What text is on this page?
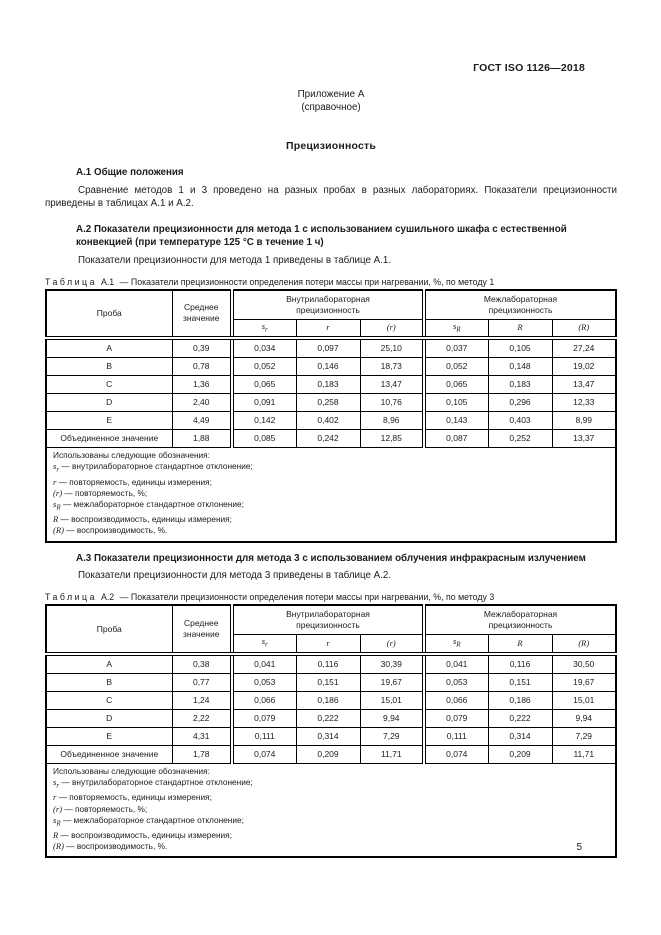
ГОСТ ISO 1126—2018
Приложение А
(справочное)
Прецизионность
А.1 Общие положения

Сравнение методов 1 и 3 проведено на разных пробах в разных лабораториях. Показатели прецизионности приведены в таблицах А.1 и А.2.

А.2 Показатели прецизионности для метода 1 с использованием сушильного шкафа с естественной конвекцией (при температуре 125 °С в течение 1 ч)

Показатели прецизионности для метода 1 приведены в таблице А.1.

Таблица А.1 — Показатели прецизионности определения потери массы при нагревании, %, по методу 1
Проба	Среднее значение	Внутрилабораторная прецизионность			Межлабораторная прецизионность		
		$s_r$	r	(r)	$s_R$	R	(R)
A	0,39	0,034	0,097	25,10	0,037	0,105	27,24
B	0,78	0,052	0,146	18,73	0,052	0,148	19,02
C	1,36	0,065	0,183	13,47	0,065	0,183	13,47
D	2,40	0,091	0,258	10,76	0,105	0,296	12,33
E	4,49	0,142	0,402	8,96	0,143	0,403	8,99
Объединенное значение	1,88	0,085	0,242	12,85	0,087	0,252	13,37

Использованы следующие обозначения:
$s_r$ — внутрилабораторное стандартное отклонение;
r — повторяемость, единицы измерения;
(r) — повторяемость, %;
$s_R$ — межлабораторное стандартное отклонение;
R — воспроизводимость, единицы измерения;
(R) — воспроизводимость, %.
А.3 Показатели прецизионности для метода 3 с использованием облучения инфракрасным излучением

Показатели прецизионности для метода 3 приведены в таблице А.2.

Таблица А.2 — Показатели прецизионности определения потери массы при нагревании, %, по методу 3
Проба	Среднее значение	Внутрилабораторная прецизионность			Межлабораторная прецизионность		
		$s_r$	r	(r)	$s_R$	R	(R)
A	0,38	0,041	0,116	30,39	0,041	0,116	30,50
B	0,77	0,053	0,151	19,67	0,053	0,151	19,67
C	1,24	0,066	0,186	15,01	0,066	0,186	15,01
D	2,22	0,079	0,222	9,94	0,079	0,222	9,94
E	4,31	0,111	0,314	7,29	0,111	0,314	7,29
Объединенное значение	1,78	0,074	0,209	11,71	0,074	0,209	11,71

Использованы следующие обозначения:
$s_r$ — внутрилабораторное стандартное отклонение;
r — повторяемость, единицы измерения;
(r) — повторяемость, %;
$s_R$ — межлабораторное стандартное отклонение;
R — воспроизводимость, единицы измерения;
(R) — воспроизводимость, %.	5
